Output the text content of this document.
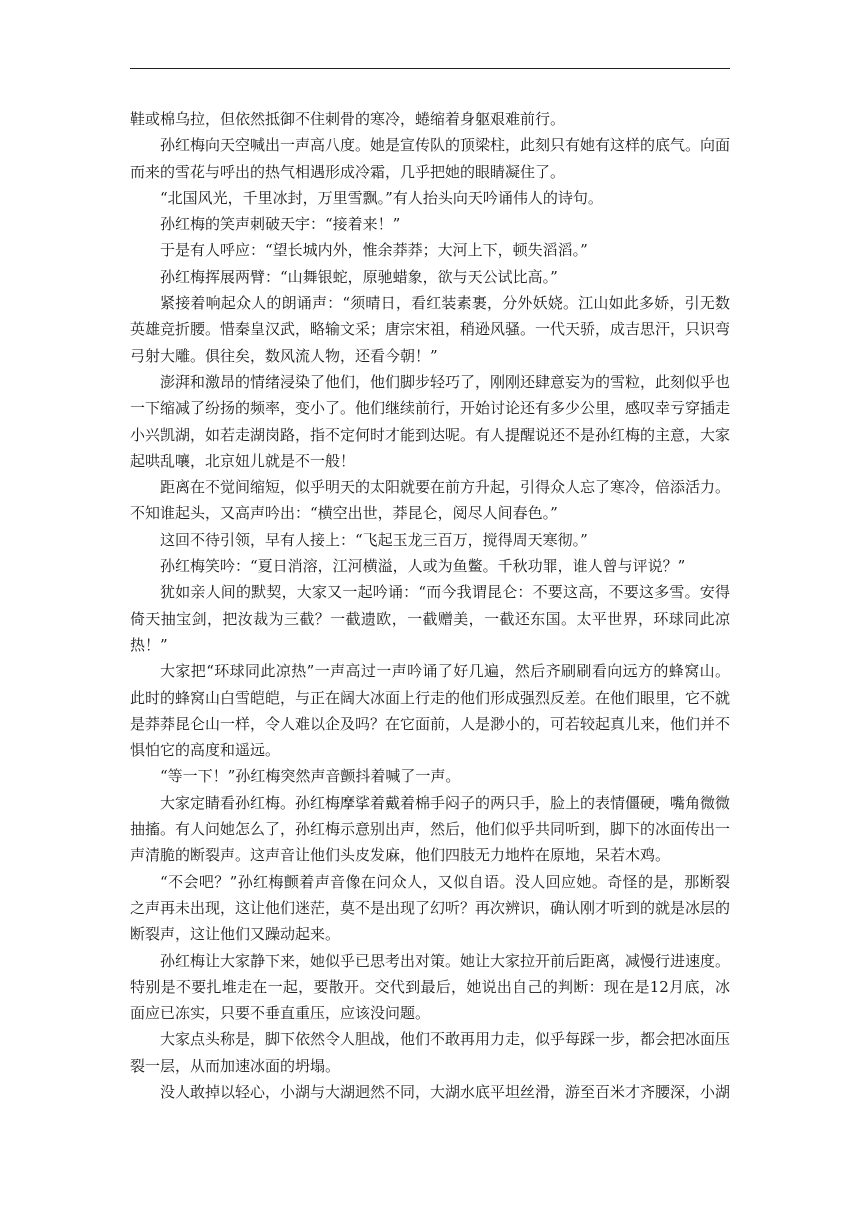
鞋或棉乌拉，但依然抵御不住刺骨的寒冷，蜷缩着身躯艰难前行。

孙红梅向天空喊出一声高八度。她是宣传队的顶梁柱，此刻只有她有这样的底气。向面而来的雪花与呼出的热气相遇形成冷霜，几乎把她的眼睛凝住了。

“北国风光，千里冰封，万里雪飘。”有人抬头向天吟诵伟人的诗句。

孙红梅的笑声刺破天宇：“接着来！”

于是有人呼应：“望长城内外，惟余莽莽；大河上下，顿失滔滔。”

孙红梅挥展两臂：“山舞银蛇，原驰蜡象，欲与天公试比高。”

紧接着响起众人的朗诵声：“须晴日，看红装素裹，分外妖娆。江山如此多娇，引无数英雄竞折腰。惜秦皇汉武，略输文采；唐宗宋祖，稍逊风骚。一代天骄，成吉思汗，只识弯弓射大雕。俱往矣，数风流人物，还看今朝！”

澎湃和激昂的情绪浸染了他们，他们脚步轻巧了，刚刚还肆意妄为的雪粒，此刻似乎也一下缩减了纷扬的频率，变小了。他们继续前行，开始讨论还有多少公里，感叹幸亏穿插走小兴凯湖，如若走湖岗路，指不定何时才能到达呢。有人提醒说还不是孙红梅的主意，大家起哄乱嚷，北京妞儿就是不一般！

距离在不觉间缩短，似乎明天的太阳就要在前方升起，引得众人忘了寒冷，倍添活力。不知谁起头，又高声吟出：“横空出世，莽昆仑，阅尽人间春色。”

这回不待引领，早有人接上：“飞起玉龙三百万，搅得周天寒彻。”

孙红梅笑吟：“夏日消溶，江河横溢，人或为鱼鳖。千秋功罪，谁人曾与评说？”

犹如亲人间的默契，大家又一起吟诵：“而今我谓昆仑：不要这高，不要这多雪。安得倚天抽宝剑，把汝裁为三截？一截遗欧，一截赠美，一截还东国。太平世界，环球同此凉热！”

大家把“环球同此凉热”一声高过一声吟诵了好几遍，然后齐刷刷看向远方的蜂窝山。此时的蜂窝山白雪皑皑，与正在阔大冰面上行走的他们形成强烈反差。在他们眼里，它不就是莽莽昆仑山一样，令人难以企及吗？在它面前，人是渺小的，可若较起真儿来，他们并不惧怕它的高度和遥远。

“等一下！”孙红梅突然声音颤抖着喊了一声。

大家定睛看孙红梅。孙红梅摩挲着戴着棉手闷子的两只手，脸上的表情僵硬，嘴角微微抽搐。有人问她怎么了，孙红梅示意别出声，然后，他们似乎共同听到，脚下的冰面传出一声清脆的断裂声。这声音让他们头皮发麻，他们四肢无力地杵在原地，呆若木鸡。

“不会吧？”孙红梅颤着声音像在问众人，又似自语。没人回应她。奇怪的是，那断裂之声再未出现，这让他们迷茫，莫不是出现了幻听？再次辨识，确认刚才听到的就是冰层的断裂声，这让他们又躁动起来。

孙红梅让大家静下来，她似乎已思考出对策。她让大家拉开前后距离，减慢行进速度。特别是不要扎堆走在一起，要散开。交代到最后，她说出自己的判断：现在是12月底，冰面应已冻实，只要不垂直重压，应该没问题。

大家点头称是，脚下依然令人胆战，他们不敢再用力走，似乎每踩一步，都会把冰面压裂一层，从而加速冰面的坍塌。

没人敢掉以轻心，小湖与大湖迥然不同，大湖水底平坦丝滑，游至百米才齐腰深，小湖
